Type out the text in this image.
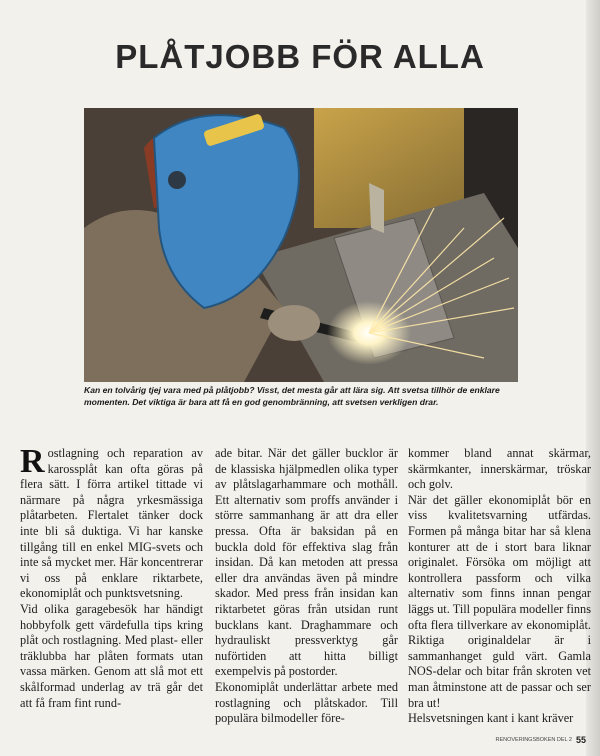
PLÅTJOBB FÖR ALLA

Kan en tolvårig tjej vara med på plåtjobb? Visst, det mesta går att lära sig. Att svetsa tillhör de enklare momenten. Det viktiga är bara att få en god genombränning, att svetsen verkligen drar.

Rostlagning och reparation av karossplåt kan ofta göras på flera sätt. I förra artikel tittade vi närmare på några yrkesmässiga plåtarbeten. Flertalet tänker dock inte bli så duktiga. Vi har kanske tillgång till en enkel MIG-svets och inte så mycket mer. Här koncentrerar vi oss på enklare riktarbete, ekonomiplåt och punktsvetsning.

Vid olika garagebesök har händigt hobbyfolk gett värdefulla tips kring plåt och rostlagning. Med plast- eller träklubba har plåten formats utan vassa märken. Genom att slå mot ett skålformad underlag av trä går det att få fram fint rund-

ade bitar. När det gäller bucklor är de klassiska hjälpmedlen olika typer av plåtslagarhammare och mothåll. Ett alternativ som proffs använder i större sammanhang är att dra eller pressa. Ofta är baksidan på en buckla dold för effektiva slag från insidan. Då kan metoden att pressa eller dra användas även på mindre skador. Med press från insidan kan riktarbetet göras från utsidan runt bucklans kant. Draghammare och hydrauliskt pressverktyg går nuförtiden att hitta billigt exempelvis på postorder.

Ekonomiplåt underlättar arbete med rostlagning och plåtskador. Till populära bilmodeller före-

kommer bland annat skärmar, skärmkanter, innerskärmar, tröskar och golv.

När det gäller ekonomiplåt bör en viss kvalitetsvarning utfärdas. Formen på många bitar har så klena konturer att de i stort bara liknar originalet. Försöka om möjligt att kontrollera passform och vilka alternativ som finns innan pengar läggs ut. Till populära modeller finns ofta flera tillverkare av ekonomiplåt. Riktiga originaldelar är i sammanhanget guld värt. Gamla NOS-delar och bitar från skroten vet man åtminstone att de passar och ser bra ut!

Helsvetsningen kant i kant kräver

RENOVERINGSBOKEN DEL 2 55
